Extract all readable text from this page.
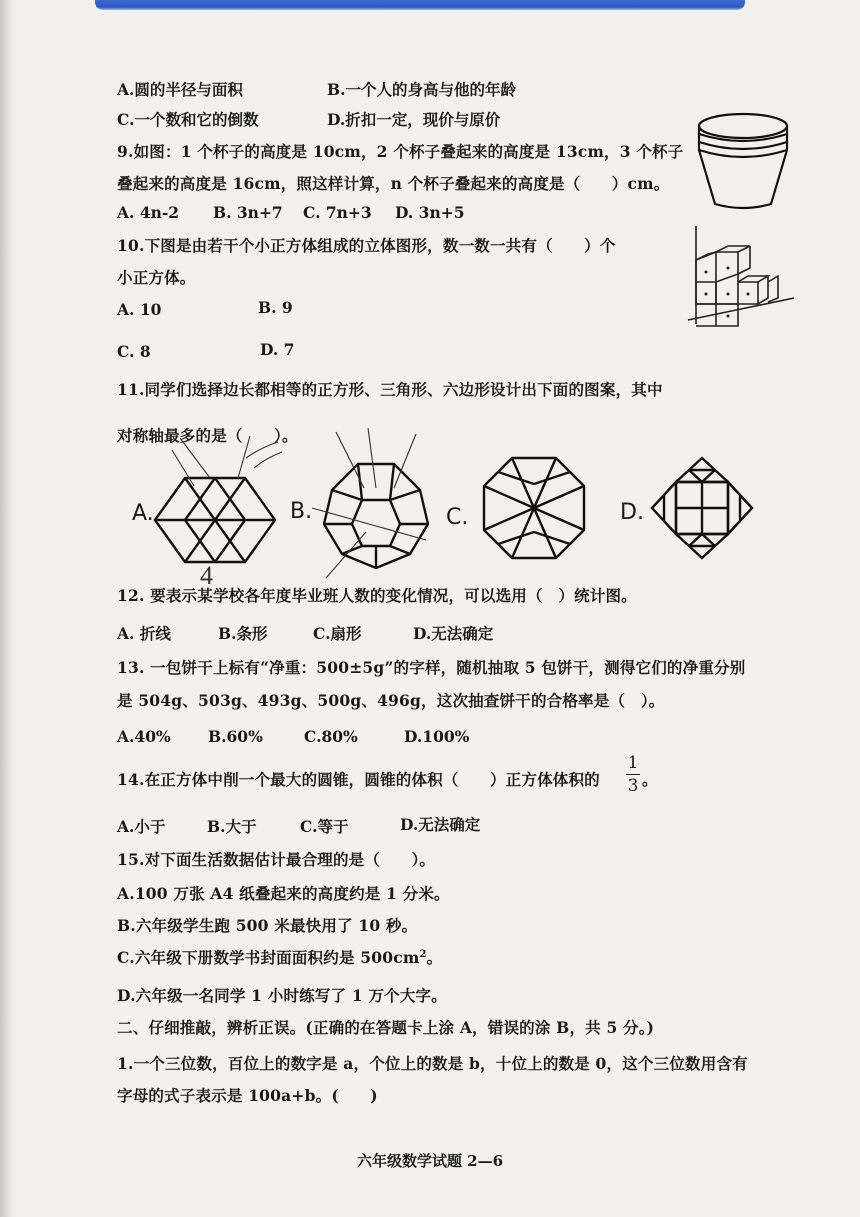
A.圆的半径与面积	B.一个人的身高与他的年龄
C.一个数和它的倒数	D.折扣一定，现价与原价
9.如图：1 个杯子的高度是 10cm，2 个杯子叠起来的高度是 13cm，3 个杯子
叠起来的高度是 16cm，照这样计算，n 个杯子叠起来的高度是（　　）cm。
A. 4n-2 B. 3n+7 C. 7n+3 D. 3n+5
10.下图是由若干个小正方体组成的立体图形，数一数一共有（　　）个
小正方体。
A. 10	B. 9
C. 8	D. 7
11.同学们选择边长都相等的正方形、三角形、六边形设计出下面的图案，其中
对称轴最多的是（　　）。
A.	B.	C.	D.
4
12. 要表示某学校各年度毕业班人数的变化情况，可以选用（　）统计图。
A. 折线	B.条形	C.扇形	D.无法确定
13. 一包饼干上标有“净重：500±5g”的字样，随机抽取 5 包饼干，测得它们的净重分别
是 504g、503g、493g、500g、496g，这次抽查饼干的合格率是（　）。
A.40% B.60%	C.80%	D.100%
14.在正方体中削一个最大的圆锥，圆锥的体积（　　）正方体体积的
1
3 。
A.小于	B.大于	C.等于	D.无法确定
15.对下面生活数据估计最合理的是（　　）。
A.100 万张 A4 纸叠起来的高度约是 1 分米。
B.六年级学生跑 500 米最快用了 10 秒。
C.六年级下册数学书封面面积约是 $500cm^2$。
D.六年级一名同学 1 小时练写了 1 万个大字。
二、仔细推敲，辨析正误。(正确的在答题卡上涂 A，错误的涂 B，共 5 分。)
1.一个三位数，百位上的数字是 a，个位上的数是 b，十位上的数是 0，这个三位数用含有
字母的式子表示是 100a+b。(　　)
六年级数学试题 2—6
